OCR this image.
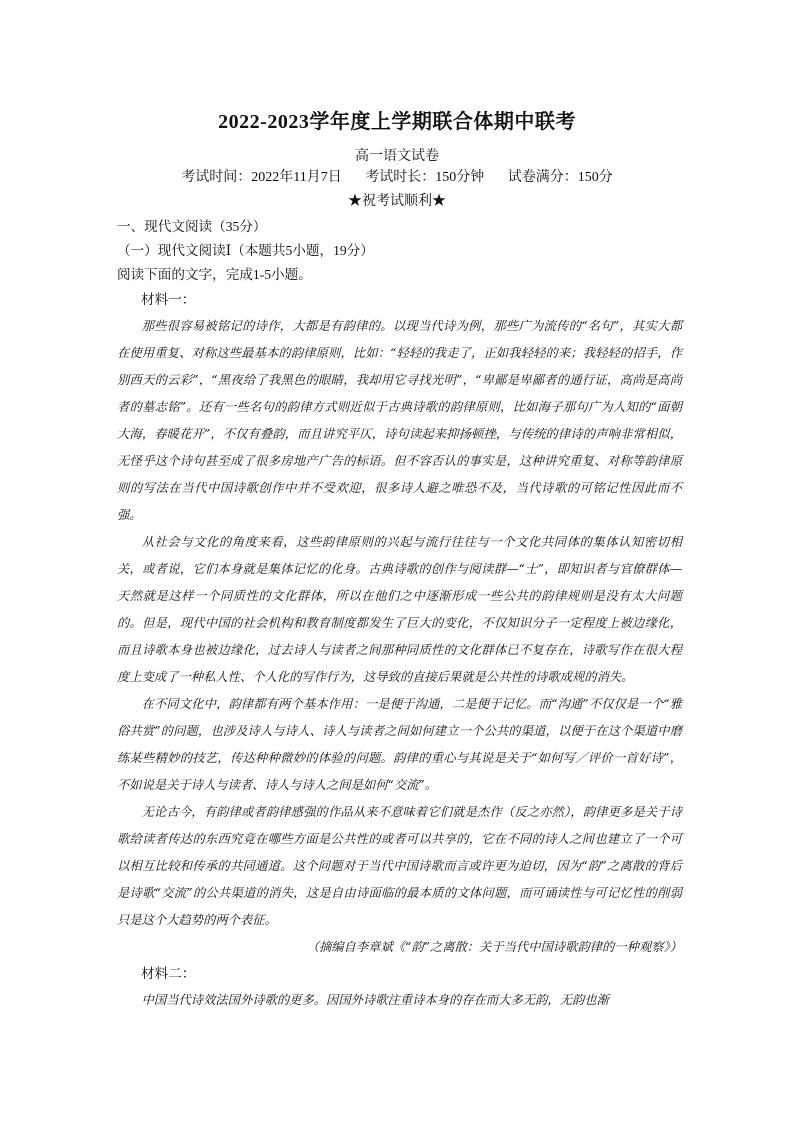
2022-2023学年度上学期联合体期中联考
高一语文试卷
考试时间：2022年11月7日 考试时长：150分钟 试卷满分：150分
★祝考试顺利★

一、现代文阅读（35分）

（一）现代文阅读Ⅰ（本题共5小题，19分）

阅读下面的文字，完成1-5小题。

材料一：

那些很容易被铭记的诗作，大都是有韵律的。以现当代诗为例，那些广为流传的“名句”，其实大都在使用重复、对称这些最基本的韵律原则，比如：“轻轻的我走了，正如我轻轻的来；我轻轻的招手，作别西天的云彩”，“黑夜给了我黑色的眼睛，我却用它寻找光明”，“卑鄙是卑鄙者的通行证，高尚是高尚者的墓志铭”。还有一些名句的韵律方式则近似于古典诗歌的韵律原则，比如海子那句广为人知的“面朝大海，春暖花开”，不仅有叠韵，而且讲究平仄，诗句读起来抑扬顿挫，与传统的律诗的声响非常相似，无怪乎这个诗句甚至成了很多房地产广告的标语。但不容否认的事实是，这种讲究重复、对称等韵律原则的写法在当代中国诗歌创作中并不受欢迎，很多诗人避之唯恐不及，当代诗歌的可铭记性因此而不强。

从社会与文化的角度来看，这些韵律原则的兴起与流行往往与一个文化共同体的集体认知密切相关，或者说，它们本身就是集体记忆的化身。古典诗歌的创作与阅读群—“士”，即知识者与官僚群体—天然就是这样一个同质性的文化群体，所以在他们之中逐渐形成一些公共的韵律规则是没有太大问题的。但是，现代中国的社会机构和教育制度都发生了巨大的变化，不仅知识分子一定程度上被边缘化，而且诗歌本身也被边缘化，过去诗人与读者之间那种同质性的文化群体已不复存在，诗歌写作在很大程度上变成了一种私人性、个人化的写作行为，这导致的直接后果就是公共性的诗歌成规的消失。

在不同文化中，韵律都有两个基本作用：一是便于沟通，二是便于记忆。而“沟通”不仅仅是一个“雅俗共赏”的问题，也涉及诗人与诗人、诗人与读者之间如何建立一个公共的渠道，以便于在这个渠道中磨练某些精妙的技艺，传达种种微妙的体验的问题。韵律的重心与其说是关于“如何写／评价一首好诗”，不如说是关于诗人与读者、诗人与诗人之间是如何“交流”。

无论古今，有韵律或者韵律感强的作品从来不意味着它们就是杰作（反之亦然），韵律更多是关于诗歌给读者传达的东西究竟在哪些方面是公共性的或者可以共享的，它在不同的诗人之间也建立了一个可以相互比较和传承的共同通道。这个问题对于当代中国诗歌而言或许更为迫切，因为“韵”之离散的背后是诗歌“交流”的公共渠道的消失，这是自由诗面临的最本质的文体问题，而可诵读性与可记忆性的削弱只是这个大趋势的两个表征。

（摘编自李章斌《“韵”之离散：关于当代中国诗歌韵律的一种观察》）

材料二：

中国当代诗效法国外诗歌的更多。因国外诗歌注重诗本身的存在而大多无韵，无韵也渐
